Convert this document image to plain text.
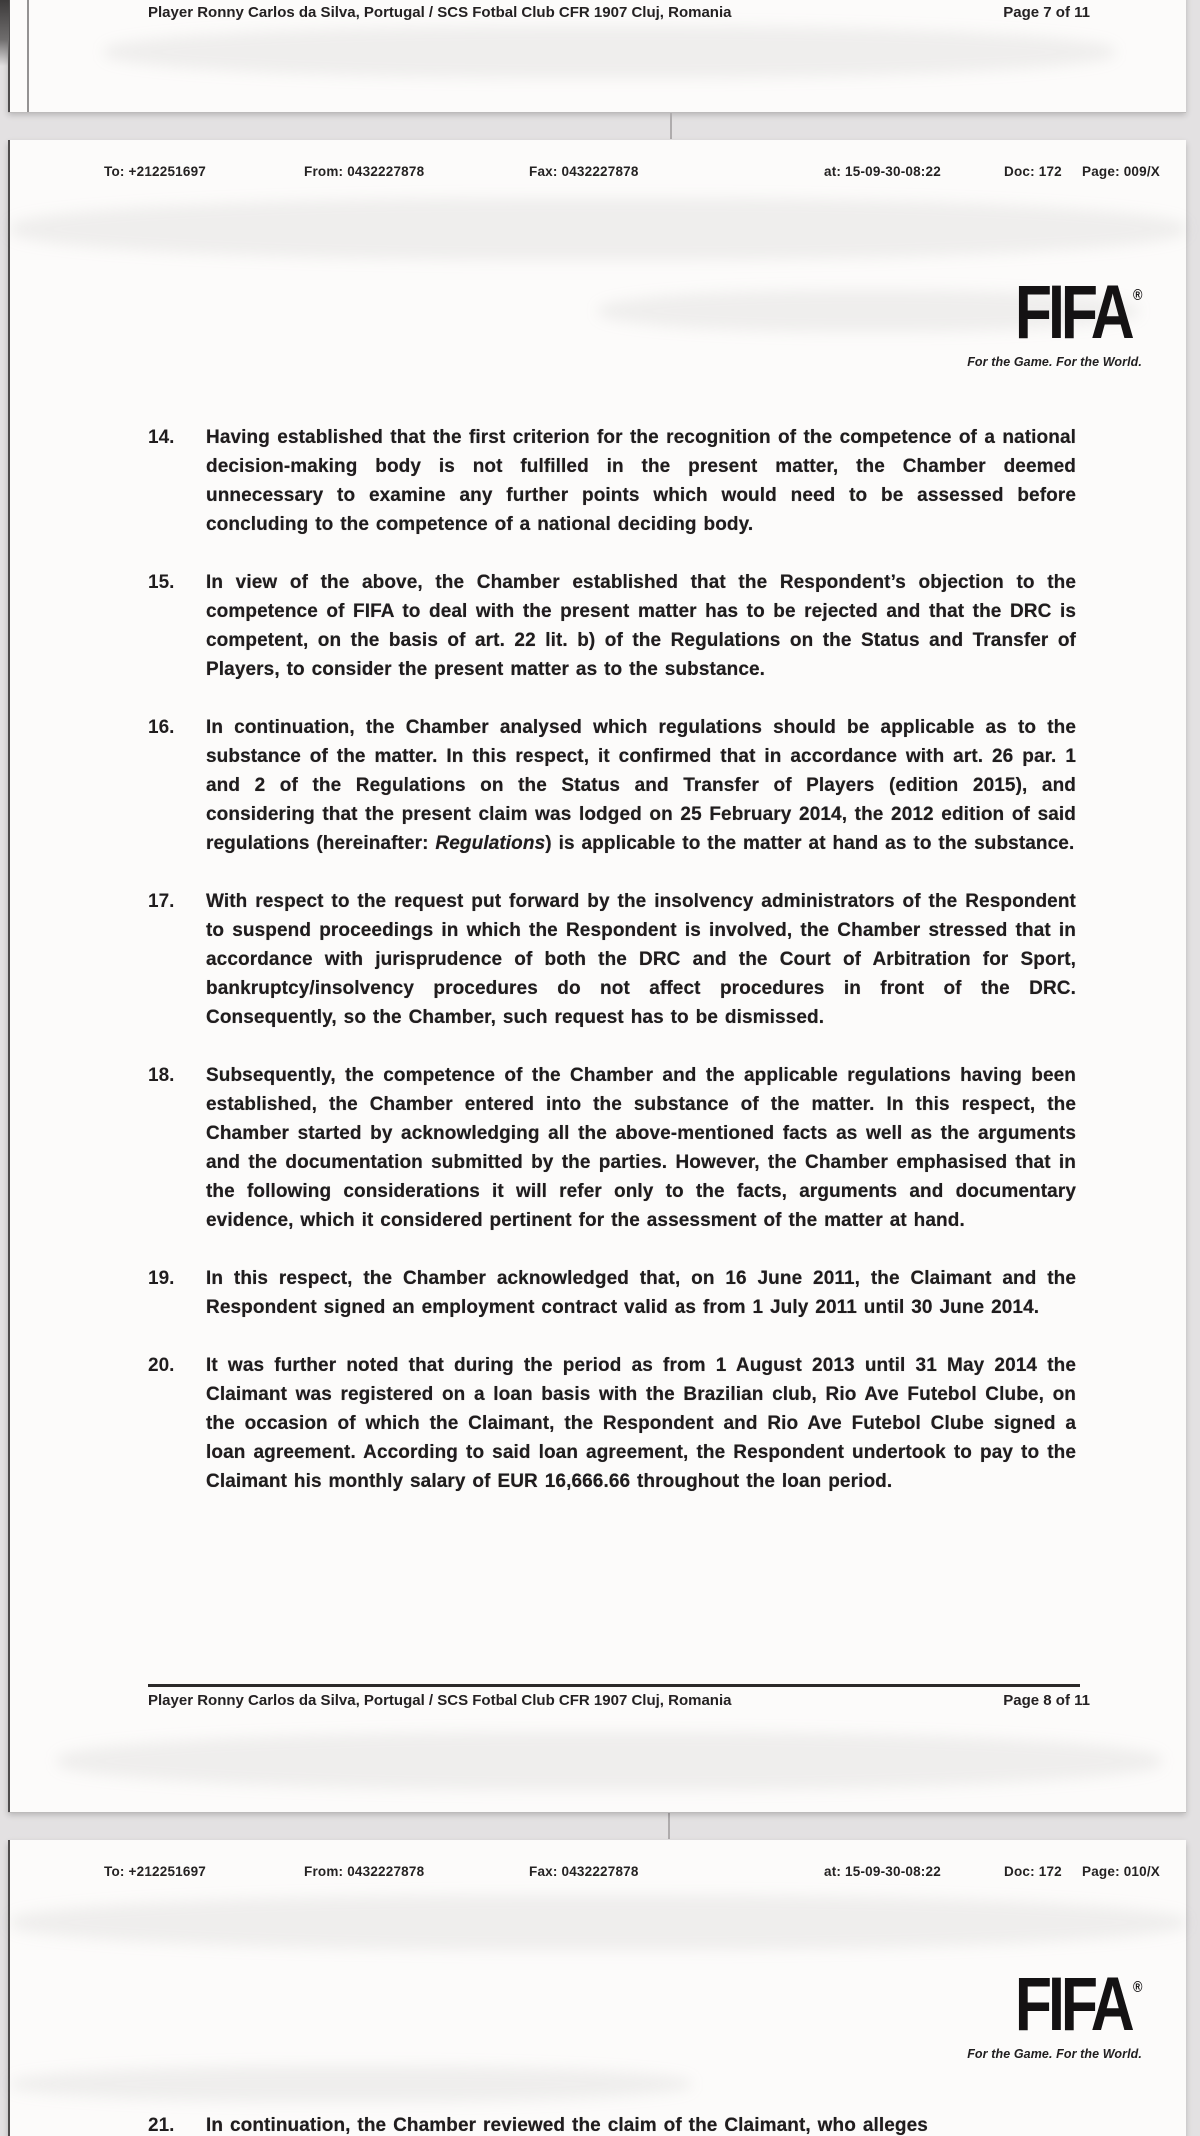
Player Ronny Carlos da Silva, Portugal / SCS Fotbal Club CFR 1907 Cluj, Romania	Page 7 of 11
To: +212251697	From: 0432227878	Fax: 0432227878	at: 15-09-30-08:22	Doc: 172 Page: 009/X
FIFA ®
For the Game. For the World.
14.	Having established that the first criterion for the recognition of the competence of a national decision-making body is not fulfilled in the present matter, the Chamber deemed unnecessary to examine any further points which would need to be assessed before concluding to the competence of a national deciding body.
15.	In view of the above, the Chamber established that the Respondent’s objection to the competence of FIFA to deal with the present matter has to be rejected and that the DRC is competent, on the basis of art. 22 lit. b) of the Regulations on the Status and Transfer of Players, to consider the present matter as to the substance.
16.	In continuation, the Chamber analysed which regulations should be applicable as to the substance of the matter. In this respect, it confirmed that in accordance with art. 26 par. 1 and 2 of the Regulations on the Status and Transfer of Players (edition 2015), and considering that the present claim was lodged on 25 February 2014, the 2012 edition of said regulations (hereinafter: Regulations) is applicable to the matter at hand as to the substance.
17.	With respect to the request put forward by the insolvency administrators of the Respondent to suspend proceedings in which the Respondent is involved, the Chamber stressed that in accordance with jurisprudence of both the DRC and the Court of Arbitration for Sport, bankruptcy/insolvency procedures do not affect procedures in front of the DRC. Consequently, so the Chamber, such request has to be dismissed.
18.	Subsequently, the competence of the Chamber and the applicable regulations having been established, the Chamber entered into the substance of the matter. In this respect, the Chamber started by acknowledging all the above-mentioned facts as well as the arguments and the documentation submitted by the parties. However, the Chamber emphasised that in the following considerations it will refer only to the facts, arguments and documentary evidence, which it considered pertinent for the assessment of the matter at hand.
19.	In this respect, the Chamber acknowledged that, on 16 June 2011, the Claimant and the Respondent signed an employment contract valid as from 1 July 2011 until 30 June 2014.
20.	It was further noted that during the period as from 1 August 2013 until 31 May 2014 the Claimant was registered on a loan basis with the Brazilian club, Rio Ave Futebol Clube, on the occasion of which the Claimant, the Respondent and Rio Ave Futebol Clube signed a loan agreement. According to said loan agreement, the Respondent undertook to pay to the Claimant his monthly salary of EUR 16,666.66 throughout the loan period.
Player Ronny Carlos da Silva, Portugal / SCS Fotbal Club CFR 1907 Cluj, Romania	Page 8 of 11
To: +212251697	From: 0432227878	Fax: 0432227878	at: 15-09-30-08:22	Doc: 172 Page: 010/X
FIFA ®
For the Game. For the World.
21.	In continuation, the Chamber reviewed the claim of the Claimant, who alleges
